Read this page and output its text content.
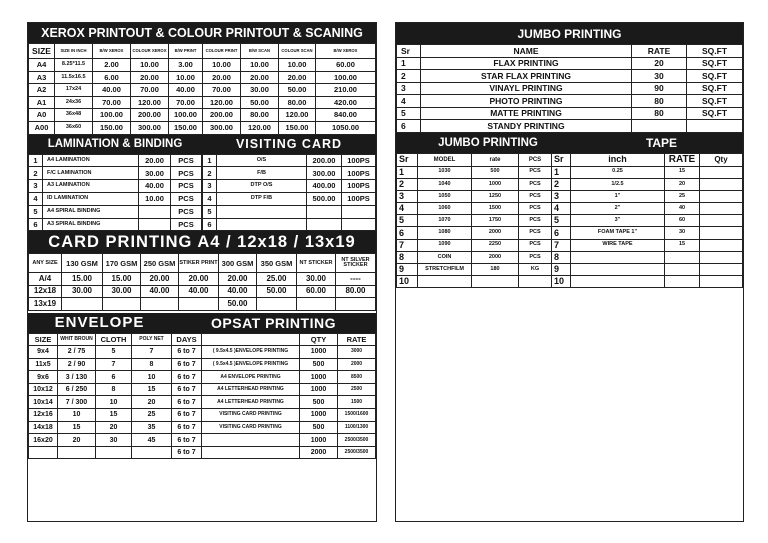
XEROX PRINTOUT & COLOUR PRINTOUT & SCANING
SIZE	SIZE IN INCH	B/W XEROX	COLOUR XEROX	B/W PRINT	COLOUR PRINT	B/W SCAN	COLOUR SCAN	B/W XEROX
A4	8.25*11.5	2.00	10.00	3.00	10.00	10.00	10.00	60.00
A3	11.5x16.5	6.00	20.00	10.00	20.00	20.00	20.00	100.00
A2	17x24	40.00	70.00	40.00	70.00	30.00	50.00	210.00
A1	24x36	70.00	120.00	70.00	120.00	50.00	80.00	420.00
A0	36x48	100.00	200.00	100.00	200.00	80.00	120.00	840.00
A00	36x60	150.00	300.00	150.00	300.00	120.00	150.00	1050.00
LAMINATION & BINDING
1	A4 LAMINATION	20.00	PCS
2	F/C LAMINATION	30.00	PCS
3	A3 LAMINATION	40.00	PCS
4	ID LAMINATION	10.00	PCS
5	A4 SPIRAL BINDING		PCS
6	A3 SPIRAL BINDING		PCS
VISITING CARD
1	O/S	200.00	100PS
2	F/B	300.00	100PS
3	DTP O/S	400.00	100PS
4	DTP F/B	500.00	100PS
5			
6			
CARD PRINTING A4 / 12x18 / 13x19
ANY SIZE	130 GSM	170 GSM	250 GSM	STIKER PRINT	300 GSM	350 GSM	NT STICKER	NT SILVER STICKER
A/4	15.00	15.00	20.00	20.00	20.00	25.00	30.00	----
12x18	30.00	30.00	40.00	40.00	40.00	50.00	60.00	80.00
13x19					50.00			
ENVELOPE	OPSAT PRINTING
SIZE	WHIT BROUN	CLOTH	POLY NET	DAYS		QTY	RATE
9x4	2 / 75	5	7	6 to 7	( 9.5x4.5 )ENVELOPE PRINTING	1000	3000
11x5	2 / 90	7	8	6 to 7	( 9.5x4.5 )ENVELOPE PRINTING	500	2000
9x6	3 / 130	6	10	6 to 7	A4 ENVELOPE PRINTING	1000	8500
10x12	6 / 250	8	15	6 to 7	A4 LETTERHEAD PRINTING	1000	2500
10x14	7 / 300	10	20	6 to 7	A4 LETTERHEAD PRINTING	500	1500
12x16	10	15	25	6 to 7	VISITING CARD PRINTING	1000	1500/1600
14x18	15	20	35	6 to 7	VISITING CARD PRINTING	500	1100/1300
16x20	20	30	45	6 to 7		1000	2500/3500
				6 to 7		2000	2500/3500
JUMBO PRINTING
Sr	NAME	RATE	SQ.FT
1	FLAX PRINTING	20	SQ.FT
2	STAR FLAX PRINTING	30	SQ.FT
3	VINAYL PRINTING	90	SQ.FT
4	PHOTO PRINTING	80	SQ.FT
5	MATTE PRINTING	80	SQ.FT
6	STANDY PRINTING		
JUMBO PRINTING	TAPE
Sr	MODEL	rate	PCS	Sr	inch	RATE	Qty
1	1030	500	PCS	1	0.25	15	
2	1040	1000	PCS	2	1/2.5	20	
3	1050	1250	PCS	3	1"	25	
4	1060	1500	PCS	4	2"	40	
5	1070	1750	PCS	5	3"	60	
6	1080	2000	PCS	6	FOAM TAPE 1"	30	
7	1090	2250	PCS	7	WIRE TAPE	15	
8	COIN	2000	PCS	8			
9	STRETCHFILM	180	KG	9			
10				10			
